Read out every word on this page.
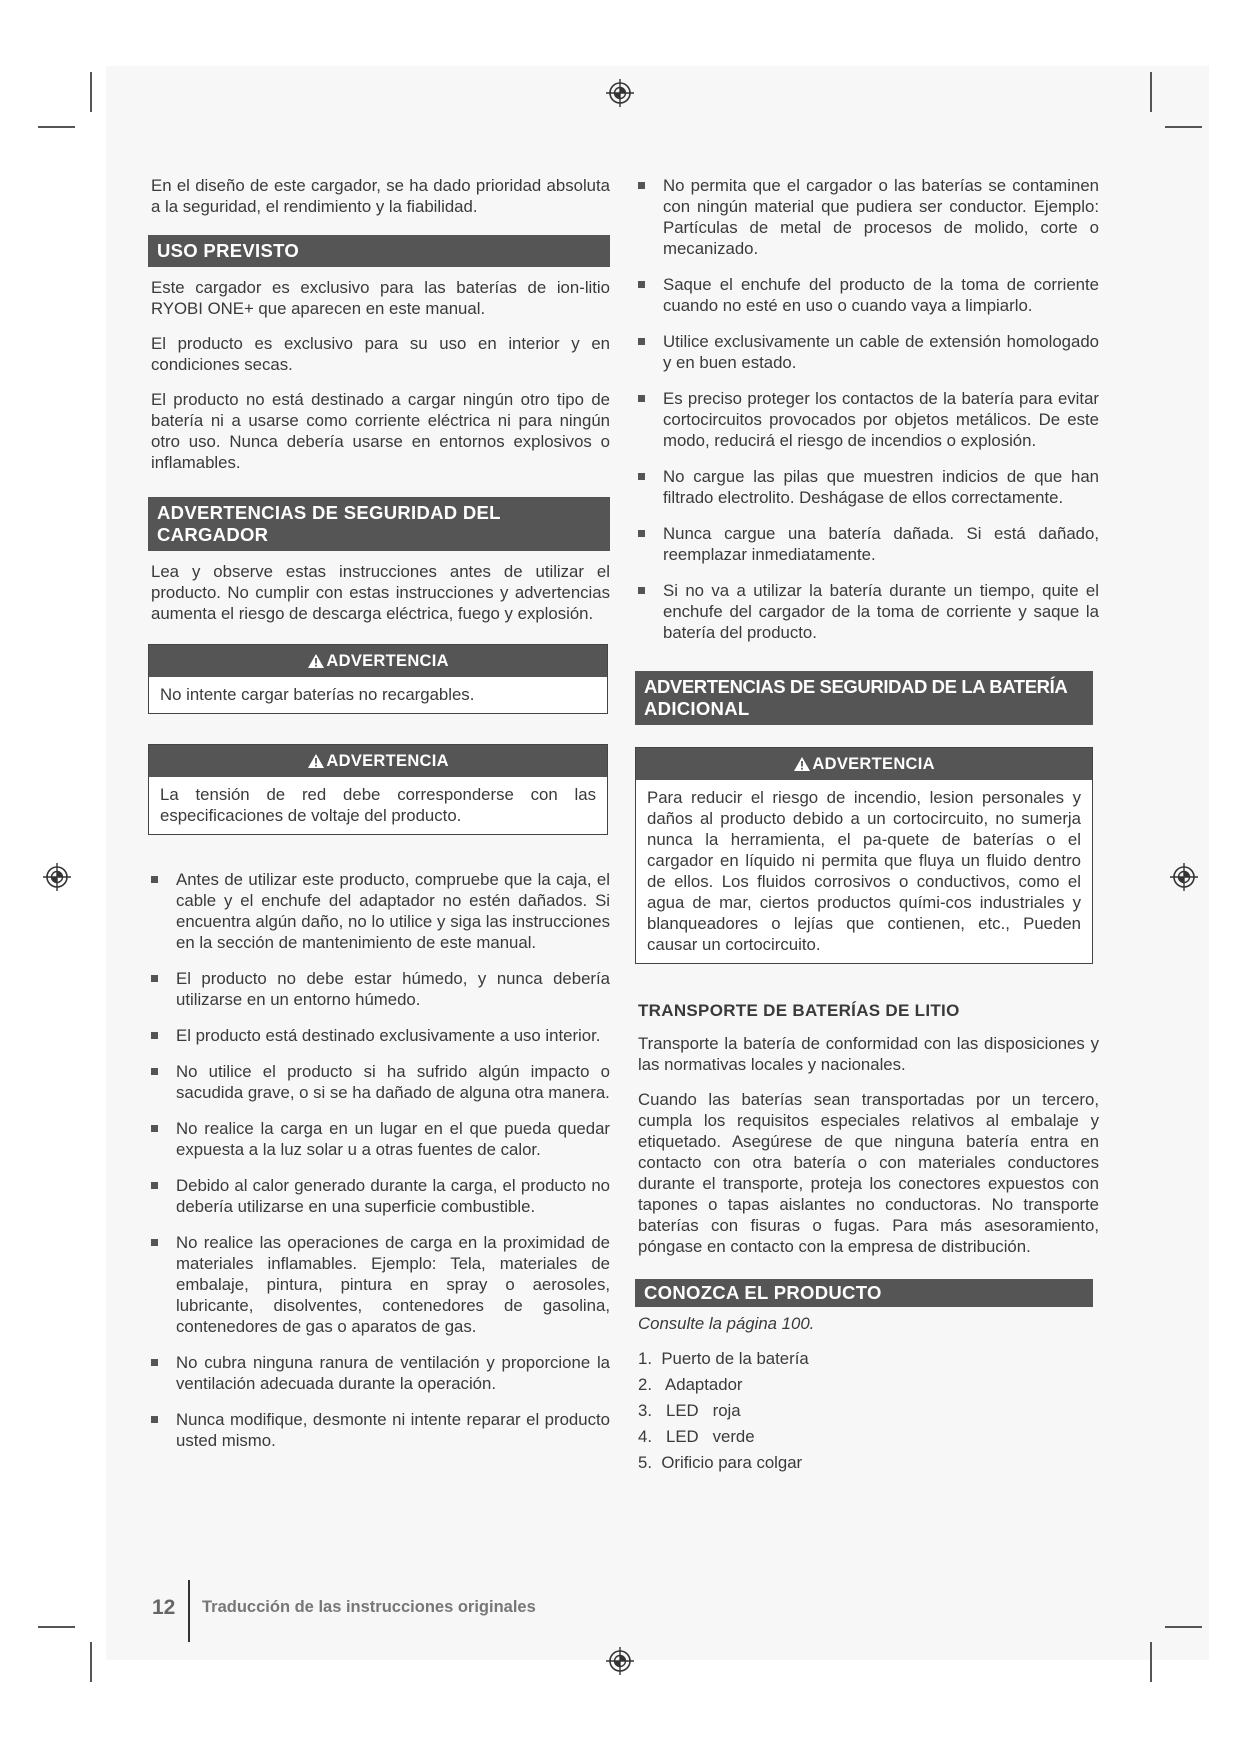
En el diseño de este cargador, se ha dado prioridad absoluta a la seguridad, el rendimiento y la fiabilidad.

USO PREVISTO

Este cargador es exclusivo para las baterías de ion-litio RYOBI ONE+ que aparecen en este manual.

El producto es exclusivo para su uso en interior y en condiciones secas.

El producto no está destinado a cargar ningún otro tipo de batería ni a usarse como corriente eléctrica ni para ningún otro uso. Nunca debería usarse en entornos explosivos o inflamables.

ADVERTENCIAS DE SEGURIDAD DEL
CARGADOR

Lea y observe estas instrucciones antes de utilizar el producto. No cumplir con estas instrucciones y advertencias aumenta el riesgo de descarga eléctrica, fuego y explosión.

ADVERTENCIA
No intente cargar baterías no recargables.
ADVERTENCIA
La tensión de red debe corresponderse con las especificaciones de voltaje del producto.
Antes de utilizar este producto, compruebe que la caja, el cable y el enchufe del adaptador no estén dañados. Si encuentra algún daño, no lo utilice y siga las instrucciones en la sección de mantenimiento de este manual.
El producto no debe estar húmedo, y nunca debería utilizarse en un entorno húmedo.
El producto está destinado exclusivamente a uso interior.
No utilice el producto si ha sufrido algún impacto o sacudida grave, o si se ha dañado de alguna otra manera.
No realice la carga en un lugar en el que pueda quedar expuesta a la luz solar u a otras fuentes de calor.
Debido al calor generado durante la carga, el producto no debería utilizarse en una superficie combustible.
No realice las operaciones de carga en la proximidad de materiales inflamables. Ejemplo: Tela, materiales de embalaje, pintura, pintura en spray o aerosoles, lubricante, disolventes, contenedores de gasolina, contenedores de gas o aparatos de gas.
No cubra ninguna ranura de ventilación y proporcione la ventilación adecuada durante la operación.
Nunca modifique, desmonte ni intente reparar el producto usted mismo.
No permita que el cargador o las baterías se contaminen con ningún material que pudiera ser conductor. Ejemplo: Partículas de metal de procesos de molido, corte o mecanizado.
Saque el enchufe del producto de la toma de corriente cuando no esté en uso o cuando vaya a limpiarlo.
Utilice exclusivamente un cable de extensión homologado y en buen estado.
Es preciso proteger los contactos de la batería para evitar cortocircuitos provocados por objetos metálicos. De este modo, reducirá el riesgo de incendios o explosión.
No cargue las pilas que muestren indicios de que han filtrado electrolito. Deshágase de ellos correctamente.
Nunca cargue una batería dañada. Si está dañado, reemplazar inmediatamente.
Si no va a utilizar la batería durante un tiempo, quite el enchufe del cargador de la toma de corriente y saque la batería del producto.
ADVERTENCIAS DE SEGURIDAD DE LA BATERÍA
ADICIONAL
ADVERTENCIA
Para reducir el riesgo de incendio, lesion personales y daños al producto debido a un cortocircuito, no sumerja nunca la herramienta, el pa-quete de baterías o el cargador en líquido ni permita que fluya un fluido dentro de ellos. Los fluidos corrosivos o conductivos, como el agua de mar, ciertos productos quími-cos industriales y blanqueadores o lejías que contienen, etc., Pueden causar un cortocircuito.
TRANSPORTE DE BATERÍAS DE LITIO

Transporte la batería de conformidad con las disposiciones y las normativas locales y nacionales.

Cuando las baterías sean transportadas por un tercero, cumpla los requisitos especiales relativos al embalaje y etiquetado. Asegúrese de que ninguna batería entra en contacto con otra batería o con materiales conductores durante el transporte, proteja los conectores expuestos con tapones o tapas aislantes no conductoras. No transporte baterías con fisuras o fugas. Para más asesoramiento, póngase en contacto con la empresa de distribución.

CONOZCA EL PRODUCTO

Consulte la página 100.

1.  Puerto de la batería
2.   Adaptador
3.   LED   roja
4.   LED   verde
5.  Orificio para colgar
12 Traducción de las instrucciones originales
